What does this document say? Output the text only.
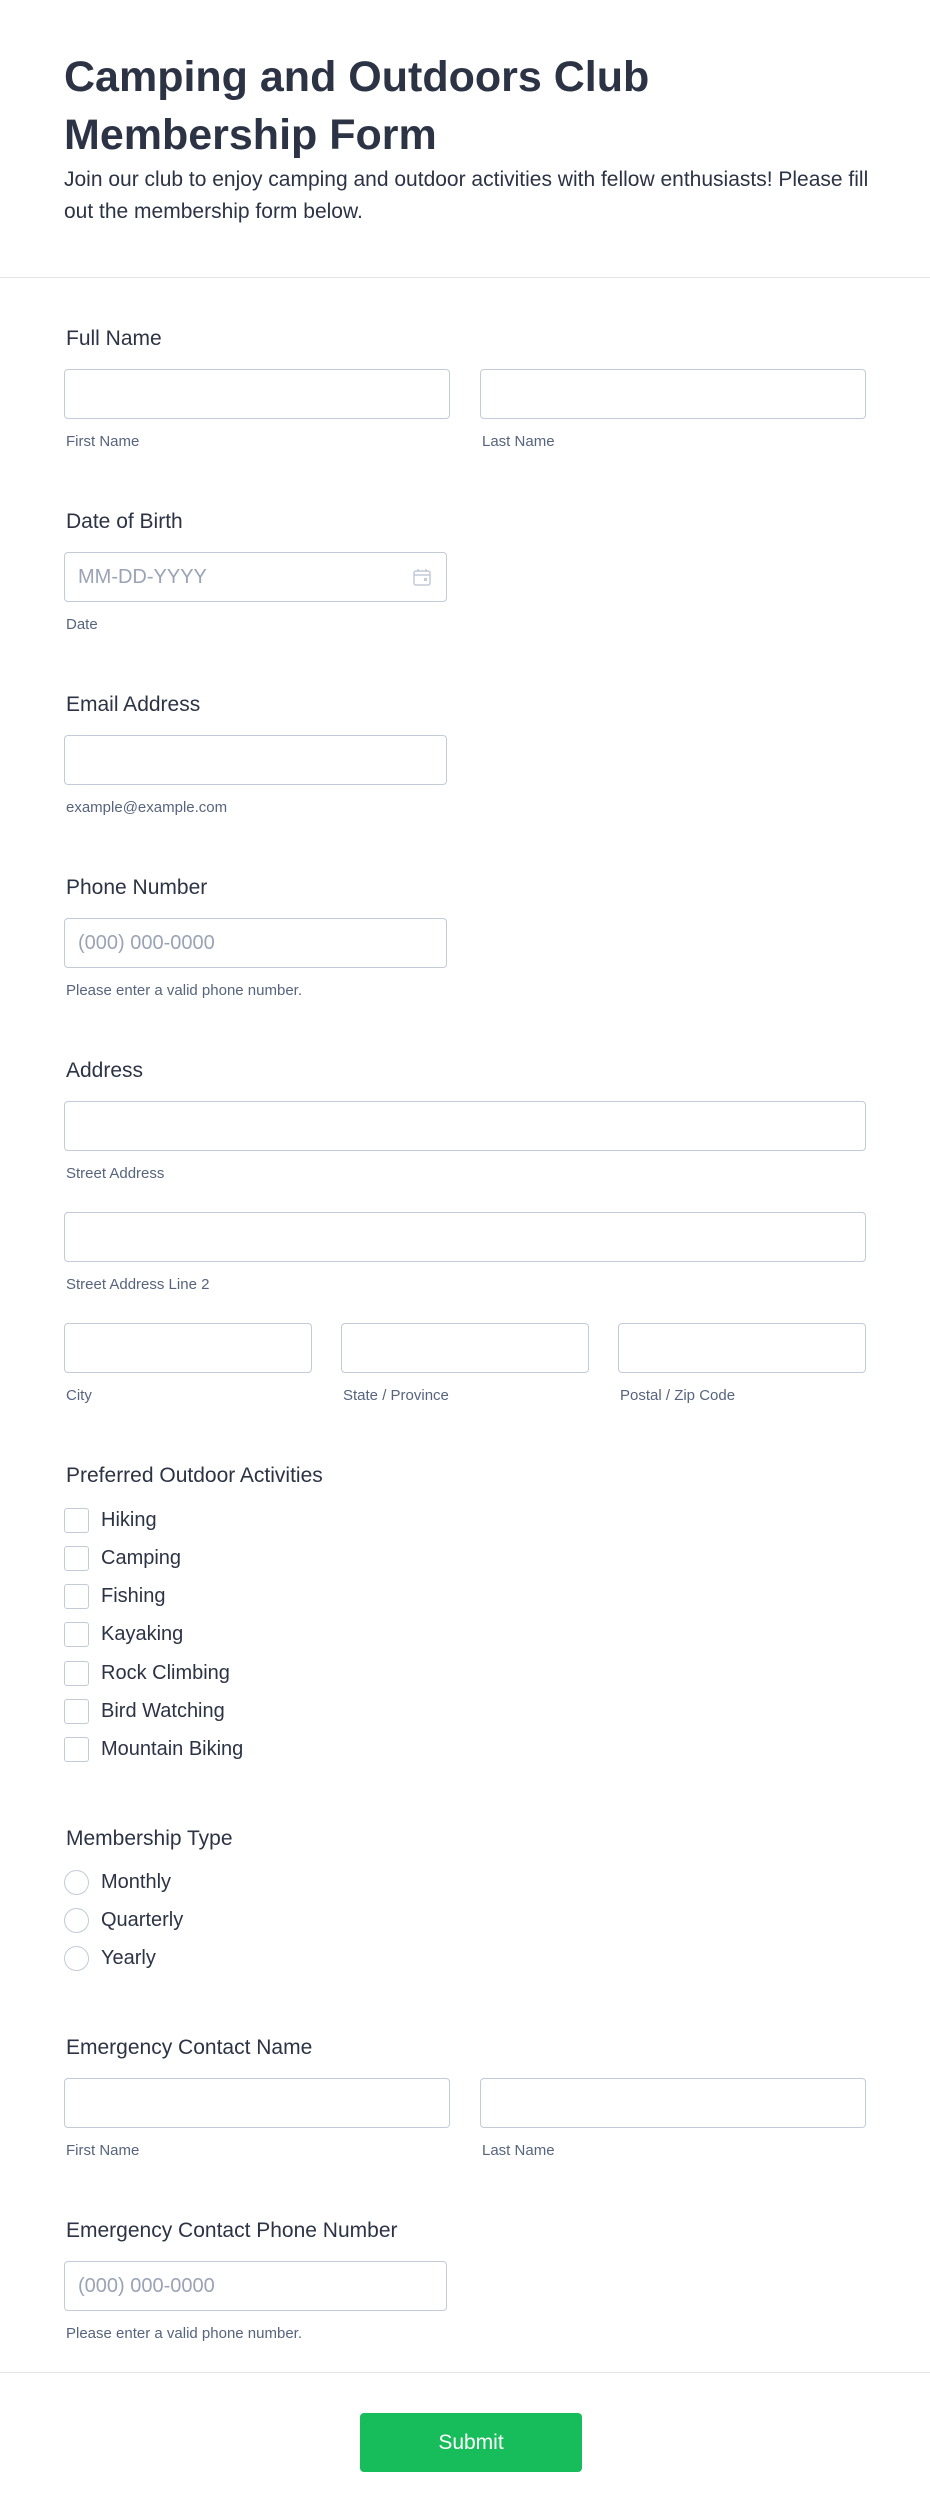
Camping and Outdoors Club Membership Form
Join our club to enjoy camping and outdoor activities with fellow enthusiasts! Please fill out the membership form below.
Full Name
First Name	Last Name
Date of Birth
MM-DD-YYYY
Date
Email Address
example@example.com
Phone Number
(000) 000-0000
Please enter a valid phone number.
Address
Street Address
Street Address Line 2
City	State / Province	Postal / Zip Code
Preferred Outdoor Activities
Hiking
Camping
Fishing
Kayaking
Rock Climbing
Bird Watching
Mountain Biking
Membership Type
Monthly
Quarterly
Yearly
Emergency Contact Name
First Name	Last Name
Emergency Contact Phone Number
(000) 000-0000
Please enter a valid phone number.
Submit
